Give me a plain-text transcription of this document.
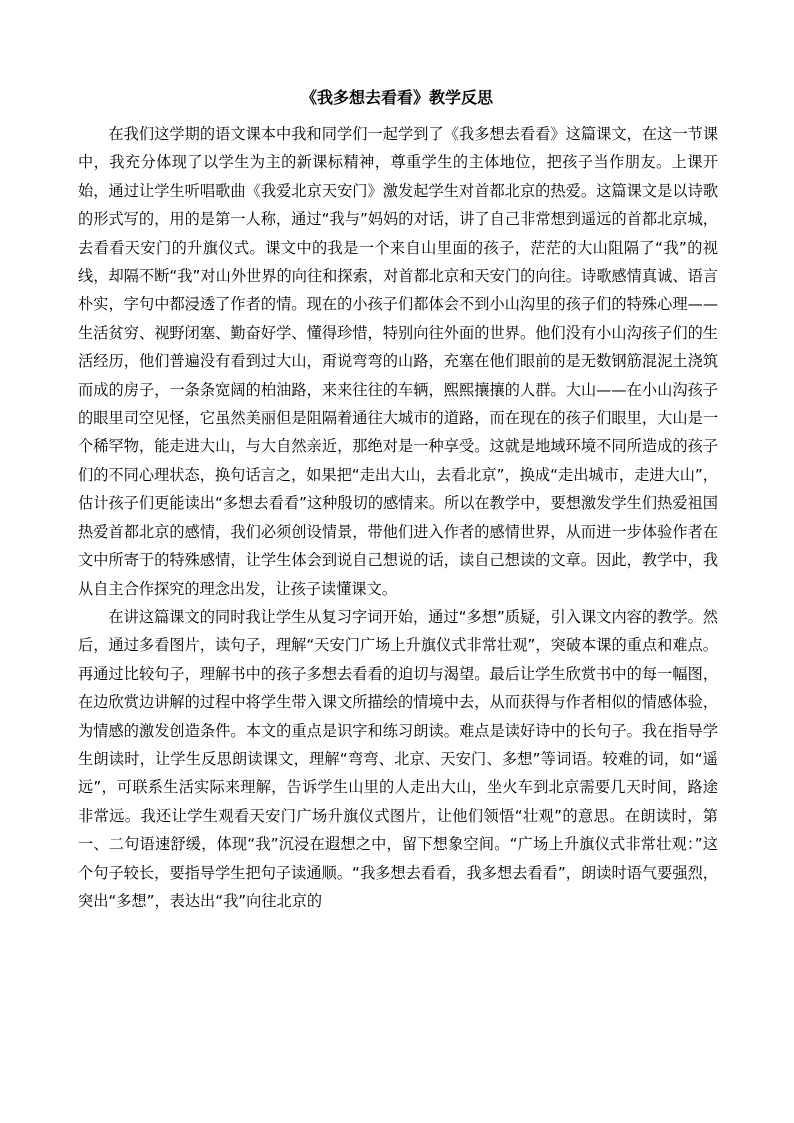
《我多想去看看》教学反思

在我们这学期的语文课本中我和同学们一起学到了《我多想去看看》这篇课文，在这一节课中，我充分体现了以学生为主的新课标精神，尊重学生的主体地位，把孩子当作朋友。上课开始，通过让学生听唱歌曲《我爱北京天安门》激发起学生对首都北京的热爱。这篇课文是以诗歌的形式写的，用的是第一人称，通过“我与”妈妈的对话，讲了自己非常想到遥远的首都北京城，去看看天安门的升旗仪式。课文中的我是一个来自山里面的孩子，茫茫的大山阻隔了“我”的视线，却隔不断“我”对山外世界的向往和探索，对首都北京和天安门的向往。诗歌感情真诚、语言朴实，字句中都浸透了作者的情。现在的小孩子们都体会不到小山沟里的孩子们的特殊心理——生活贫穷、视野闭塞、勤奋好学、懂得珍惜，特别向往外面的世界。他们没有小山沟孩子们的生活经历，他们普遍没有看到过大山，甭说弯弯的山路，充塞在他们眼前的是无数钢筋混泥土浇筑而成的房子，一条条宽阔的柏油路，来来往往的车辆，熙熙攘攘的人群。大山——在小山沟孩子的眼里司空见怪，它虽然美丽但是阻隔着通往大城市的道路，而在现在的孩子们眼里，大山是一个稀罕物，能走进大山，与大自然亲近，那绝对是一种享受。这就是地域环境不同所造成的孩子们的不同心理状态，换句话言之，如果把“走出大山，去看北京”，换成“走出城市，走进大山”，估计孩子们更能读出“多想去看看”这种殷切的感情来。所以在教学中，要想激发学生们热爱祖国热爱首都北京的感情，我们必须创设情景，带他们进入作者的感情世界，从而进一步体验作者在文中所寄于的特殊感情，让学生体会到说自己想说的话，读自己想读的文章。因此，教学中，我从自主合作探究的理念出发，让孩子读懂课文。

在讲这篇课文的同时我让学生从复习字词开始，通过“多想”质疑，引入课文内容的教学。然后，通过多看图片，读句子，理解“天安门广场上升旗仪式非常壮观”，突破本课的重点和难点。再通过比较句子，理解书中的孩子多想去看看的迫切与渴望。最后让学生欣赏书中的每一幅图，在边欣赏边讲解的过程中将学生带入课文所描绘的情境中去，从而获得与作者相似的情感体验，为情感的激发创造条件。本文的重点是识字和练习朗读。难点是读好诗中的长句子。我在指导学生朗读时，让学生反思朗读课文，理解“弯弯、北京、天安门、多想”等词语。较难的词，如“遥远”，可联系生活实际来理解，告诉学生山里的人走出大山，坐火车到北京需要几天时间，路途非常远。我还让学生观看天安门广场升旗仪式图片，让他们领悟“壮观”的意思。在朗读时，第一、二句语速舒缓，体现“我”沉浸在遐想之中，留下想象空间。“广场上升旗仪式非常壮观：”这个句子较长，要指导学生把句子读通顺。“我多想去看看，我多想去看看”，朗读时语气要强烈，突出“多想”，表达出“我”向往北京的
